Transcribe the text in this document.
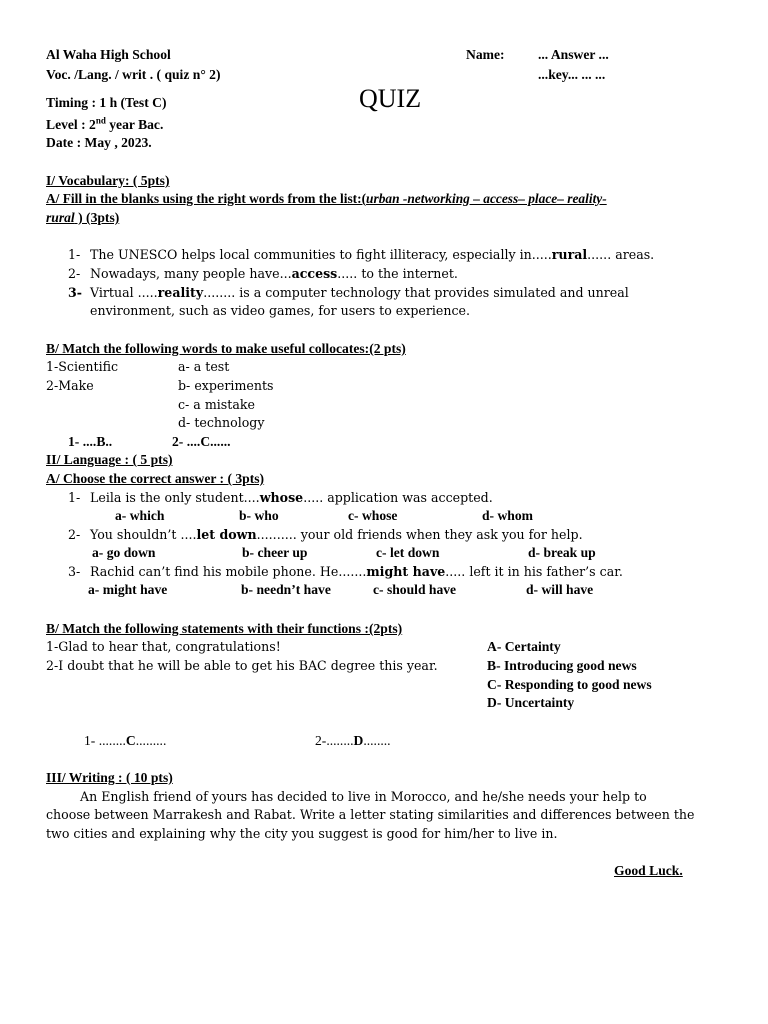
Al Waha High School
Voc. /Lang. / writ . ( quiz n° 2)
Name: ... Answer ...
...key... ... ...
Timing : 1 h (Test C)	QUIZ
Level : 2nd year Bac.
Date : May , 2023.
I/ Vocabulary: ( 5pts)
A/ Fill in the blanks using the right words from the list:(urban -networking – access– place– reality-
rural ) (3pts)
1- The UNESCO helps local communities to fight illiteracy, especially in.....rural...... areas.
2- Nowadays, many people have...access..... to the internet.
3- Virtual .....reality........ is a computer technology that provides simulated and unreal
environment, such as video games, for users to experience.
B/ Match the following words to make useful collocates:(2 pts)
1-Scientific
2-Make
a- a test
b- experiments
c- a mistake
d- technology
1- ....B..	2- ....C......
II/ Language : ( 5 pts)
A/ Choose the correct answer : ( 3pts)
1- Leila is the only student....whose..... application was accepted.
a- which	b- who	c- whose	d- whom
2- You shouldn’t ....let down.......... your old friends when they ask you for help.
a- go down	b- cheer up	c- let down	d- break up
3- Rachid can’t find his mobile phone. He.......might have..... left it in his father’s car.
a- might have	b- needn’t have	c- should have	d- will have
B/ Match the following statements with their functions :(2pts)
1-Glad to hear that, congratulations!
2-I doubt that he will be able to get his BAC degree this year.
A- Certainty
B- Introducing good news
C- Responding to good news
D- Uncertainty
1- ........C.........	2-........D........
III/ Writing : ( 10 pts)
An English friend of yours has decided to live in Morocco, and he/she needs your help to
choose between Marrakesh and Rabat. Write a letter stating similarities and differences between the
two cities and explaining why the city you suggest is good for him/her to live in.
Good Luck.
